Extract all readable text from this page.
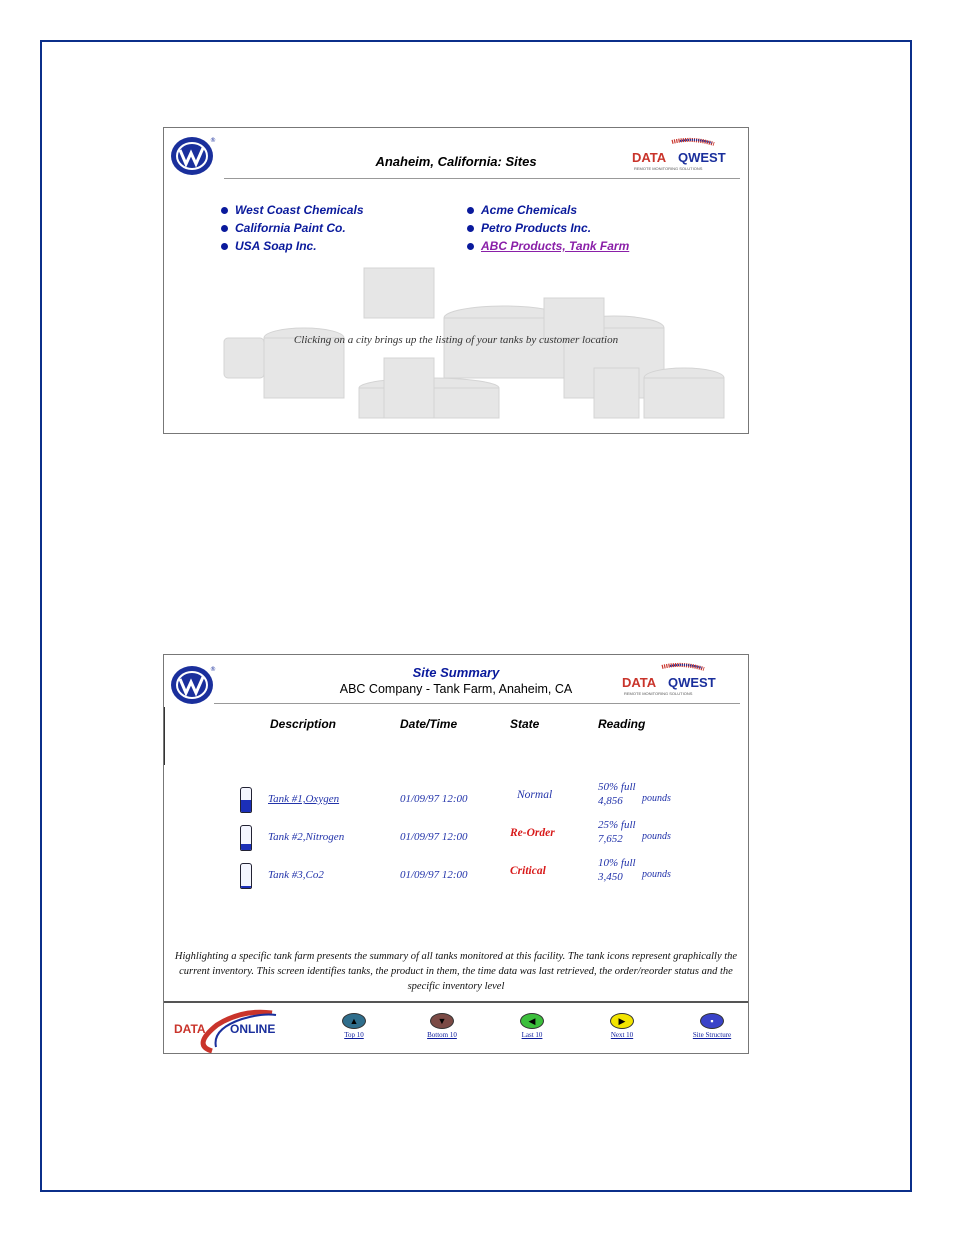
®
Anaheim, California: Sites	DATA QWEST
REMOTE MONITORING SOLUTIONS
West Coast Chemicals
California Paint Co.
USA Soap Inc.
Acme Chemicals
Petro Products Inc.
ABC Products, Tank Farm
Clicking on a city brings up the listing of your tanks by customer location
®	Site Summary
ABC Company - Tank Farm, Anaheim, CA	DATA QWEST
REMOTE MONITORING SOLUTIONS
Description	Date/Time	State	Reading
Tank #1,Oxygen	01/09/97 12:00	Normal
50% full
4,856 pounds
Tank #2,Nitrogen	01/09/97 12:00	Re-Order
25% full
7,652 pounds
Tank #3,Co2	01/09/97 12:00	Critical
10% full
3,450 pounds
Highlighting a specific tank farm presents the summary of all tanks monitored at this facility. The tank icons represent graphically the current inventory. This screen identifies tanks, the product in them, the time data was last retrieved, the order/reorder status and the specific inventory level
DATA ONLINE
▲
Top 10
▼
Bottom 10
◀
Last 10
▶
Next 10
▪
Site Structure
